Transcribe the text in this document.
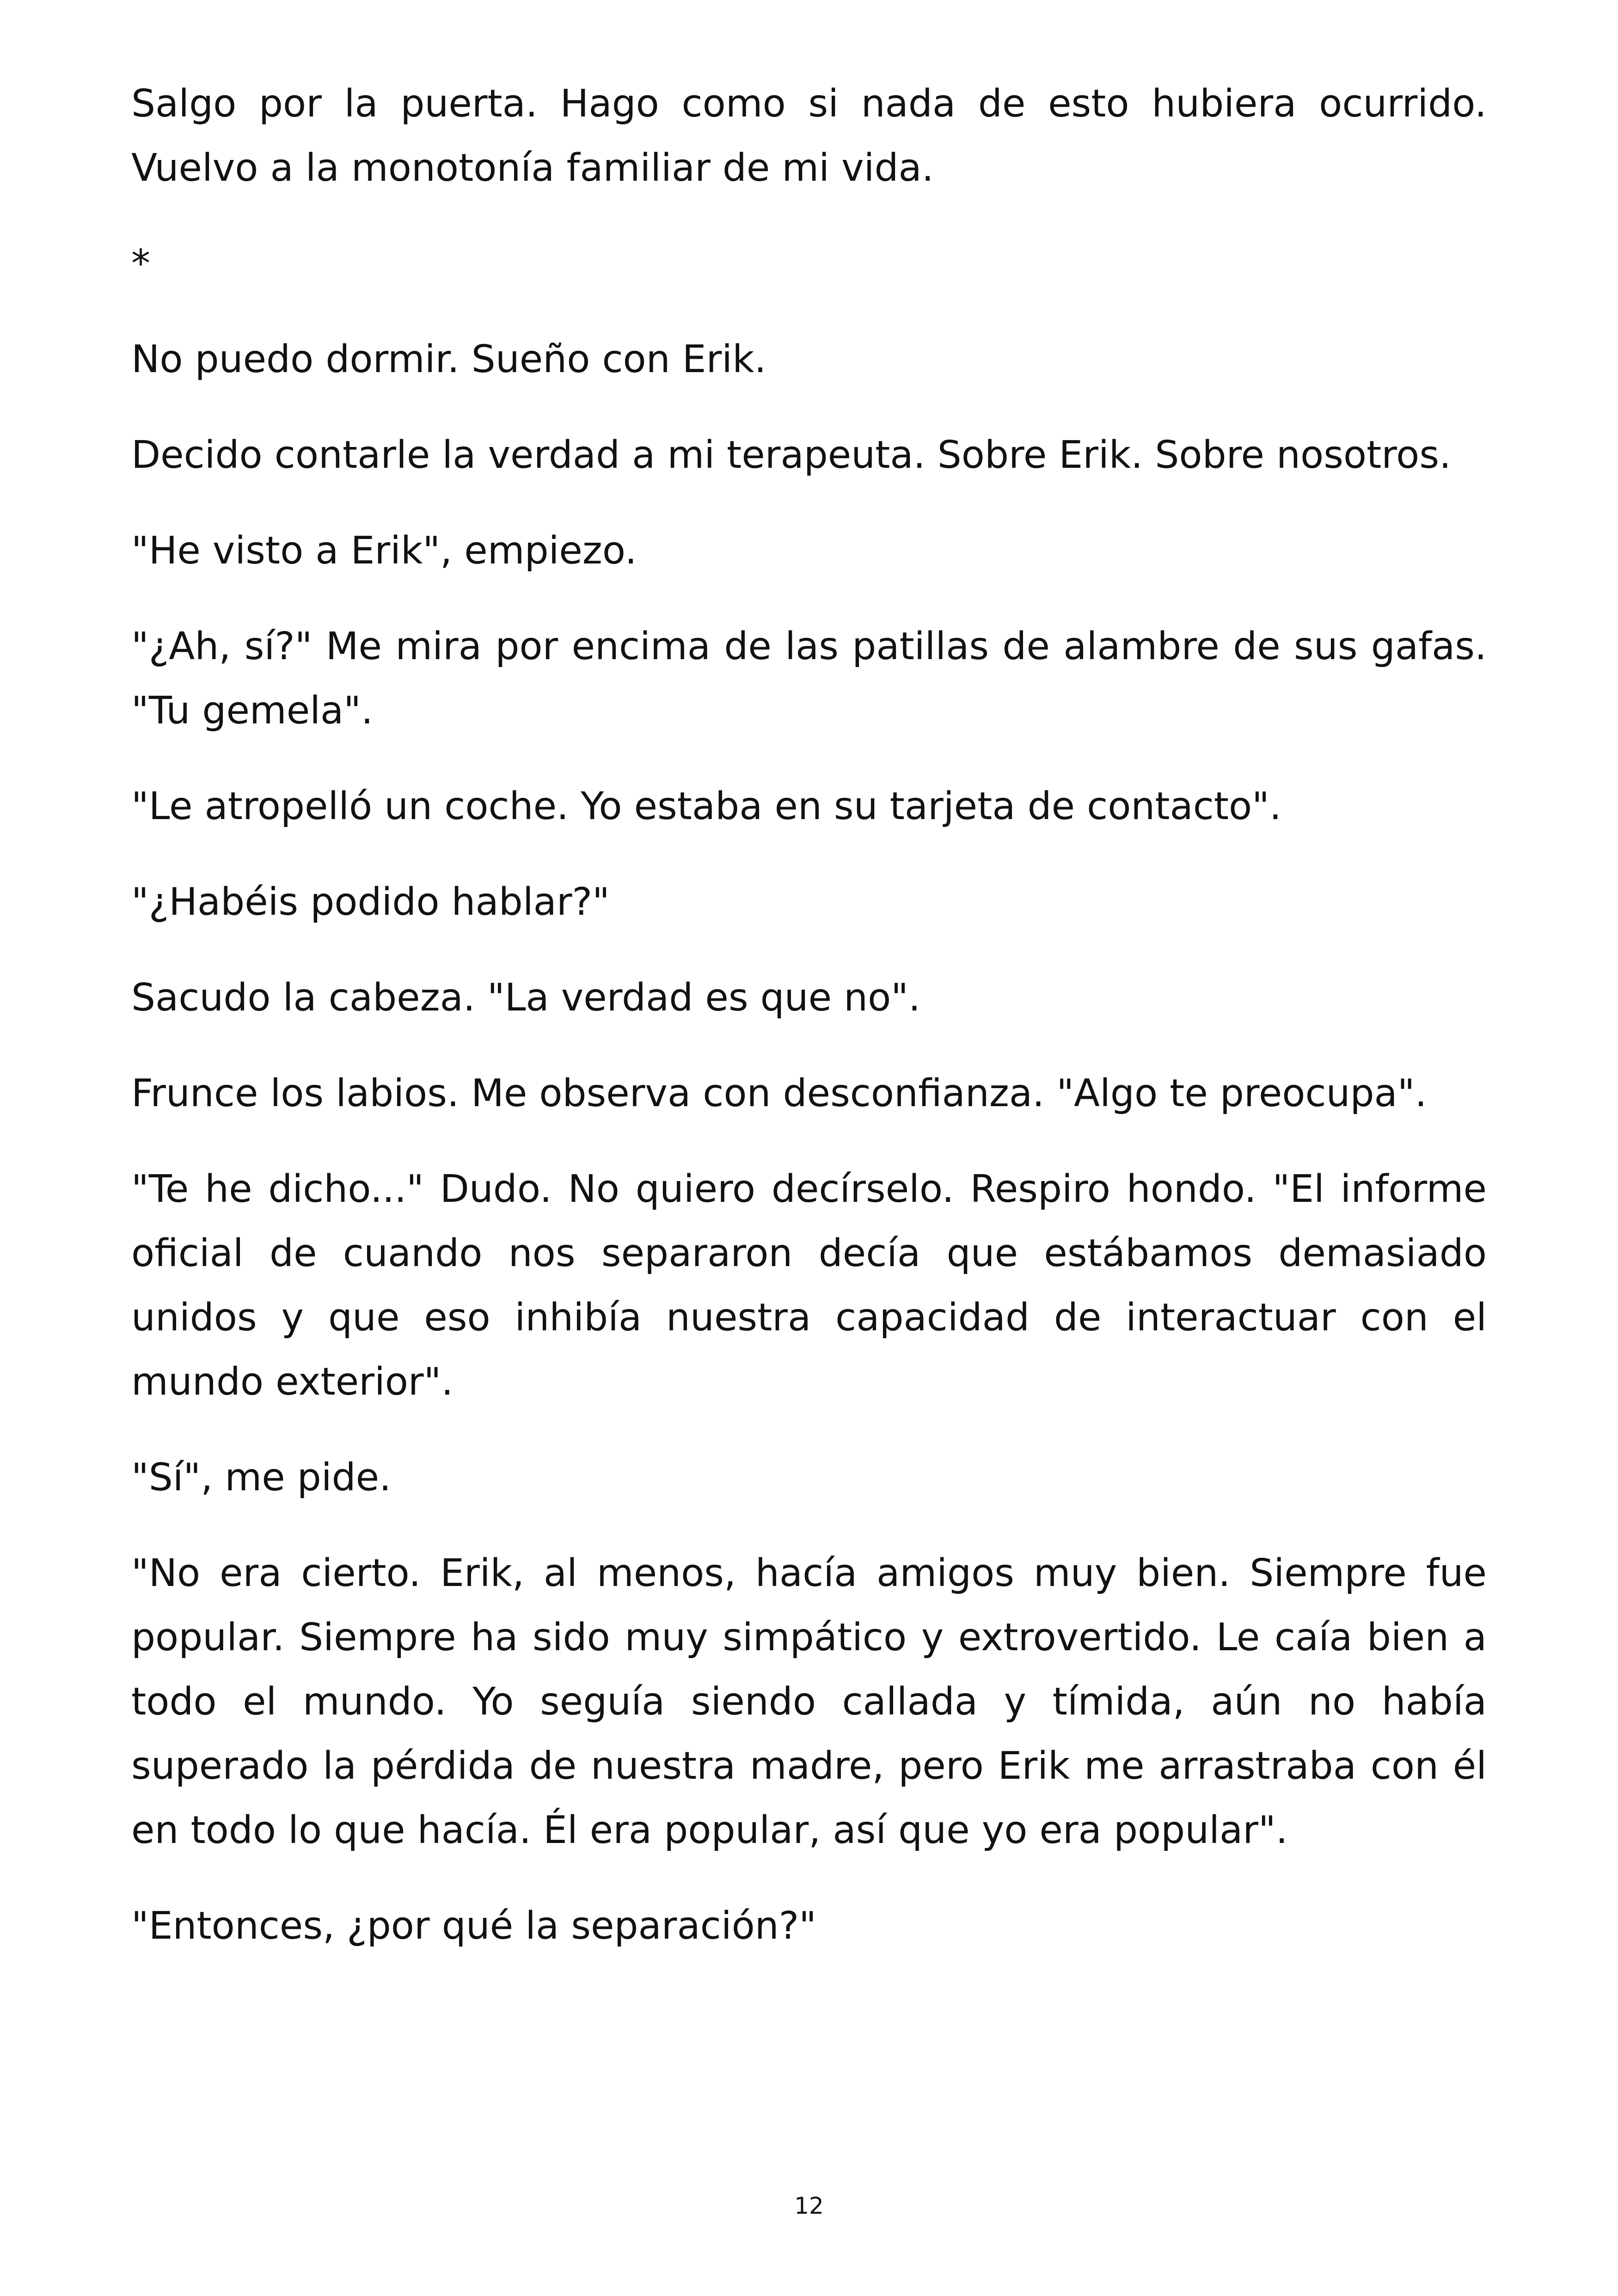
Salgo por la puerta. Hago como si nada de esto hubiera ocurrido. Vuelvo a la monotonía familiar de mi vida.

*

No puedo dormir. Sueño con Erik.

Decido contarle la verdad a mi terapeuta. Sobre Erik. Sobre nosotros.

"He visto a Erik", empiezo.

"¿Ah, sí?" Me mira por encima de las patillas de alambre de sus gafas. "Tu gemela".

"Le atropelló un coche. Yo estaba en su tarjeta de contacto".

"¿Habéis podido hablar?"

Sacudo la cabeza. "La verdad es que no".

Frunce los labios. Me observa con desconfianza. "Algo te preocupa".

"Te he dicho..." Dudo. No quiero decírselo. Respiro hondo. "El informe oficial de cuando nos separaron decía que estábamos demasiado unidos y que eso inhibía nuestra capacidad de interactuar con el mundo exterior".

"Sí", me pide.

"No era cierto. Erik, al menos, hacía amigos muy bien. Siempre fue popular. Siempre ha sido muy simpático y extrovertido. Le caía bien a todo el mundo. Yo seguía siendo callada y tímida, aún no había superado la pérdida de nuestra madre, pero Erik me arrastraba con él en todo lo que hacía. Él era popular, así que yo era popular".

"Entonces, ¿por qué la separación?"

12
